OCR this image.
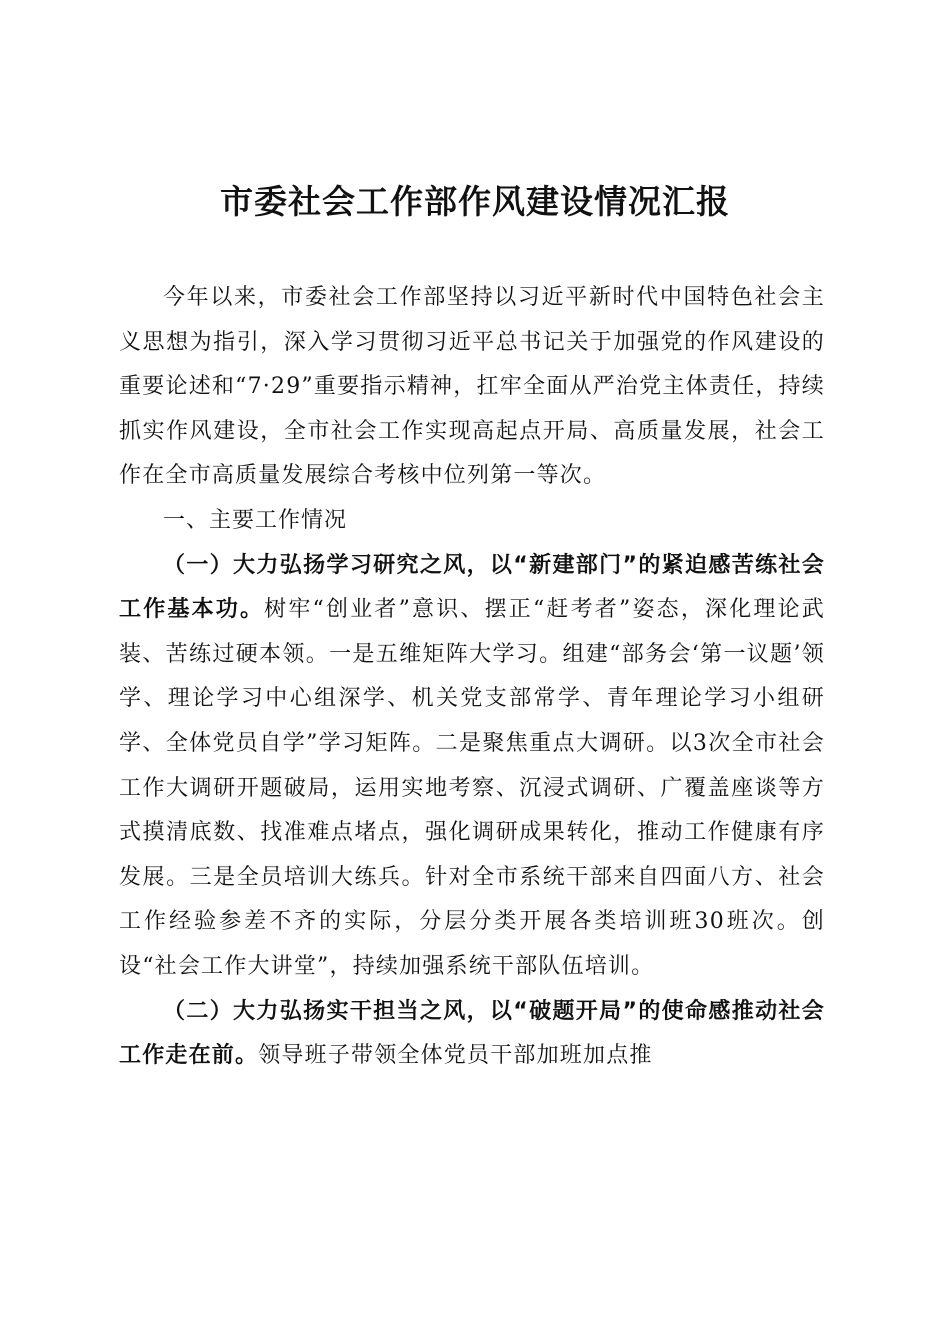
市委社会工作部作风建设情况汇报

今年以来，市委社会工作部坚持以习近平新时代中国特色社会主义思想为指引，深入学习贯彻习近平总书记关于加强党的作风建设的重要论述和“7·29”重要指示精神，扛牢全面从严治党主体责任，持续抓实作风建设，全市社会工作实现高起点开局、高质量发展，社会工作在全市高质量发展综合考核中位列第一等次。

一、主要工作情况

（一）大力弘扬学习研究之风，以“新建部门”的紧迫感苦练社会工作基本功。树牢“创业者”意识、摆正“赶考者”姿态，深化理论武装、苦练过硬本领。一是五维矩阵大学习。组建“部务会‘第一议题’领学、理论学习中心组深学、机关党支部常学、青年理论学习小组研学、全体党员自学”学习矩阵。二是聚焦重点大调研。以3次全市社会工作大调研开题破局，运用实地考察、沉浸式调研、广覆盖座谈等方式摸清底数、找准难点堵点，强化调研成果转化，推动工作健康有序发展。三是全员培训大练兵。针对全市系统干部来自四面八方、社会工作经验参差不齐的实际，分层分类开展各类培训班30班次。创设“社会工作大讲堂”，持续加强系统干部队伍培训。

（二）大力弘扬实干担当之风，以“破题开局”的使命感推动社会工作走在前。领导班子带领全体党员干部加班加点推
